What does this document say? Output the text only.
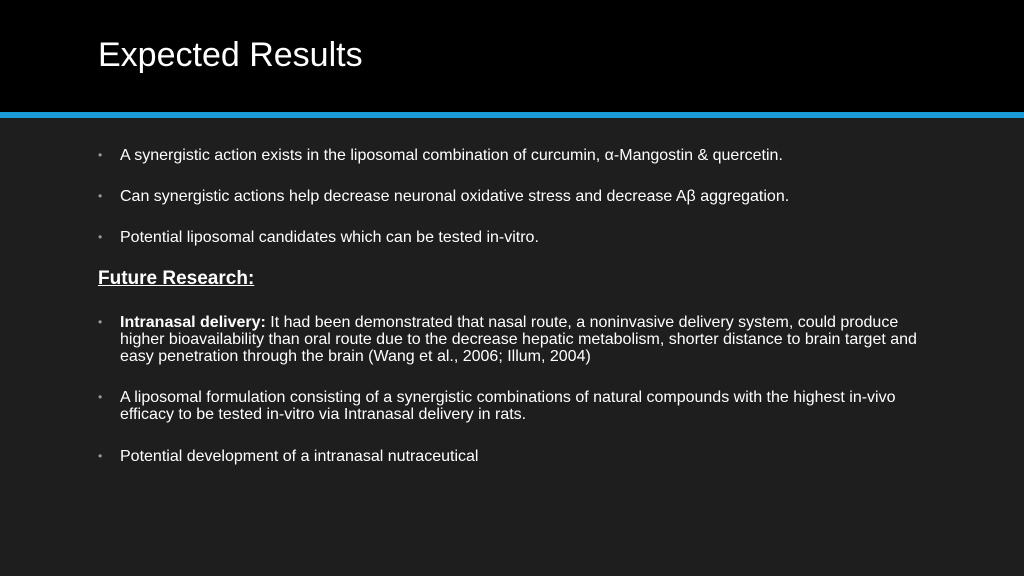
Expected Results
• A synergistic action exists in the liposomal combination of curcumin, α-Mangostin & quercetin.
• Can synergistic actions help decrease neuronal oxidative stress and decrease Aβ aggregation.
• Potential liposomal candidates which can be tested in-vitro.
Future Research:
• Intranasal delivery: It had been demonstrated that nasal route, a noninvasive delivery system, could produce higher bioavailability than oral route due to the decrease hepatic metabolism, shorter distance to brain target and easy penetration through the brain (Wang et al., 2006; Illum, 2004)
• A liposomal formulation consisting of a synergistic combinations of natural compounds with the highest in-vivo efficacy to be tested in-vitro via Intranasal delivery in rats.
• Potential development of a intranasal nutraceutical
